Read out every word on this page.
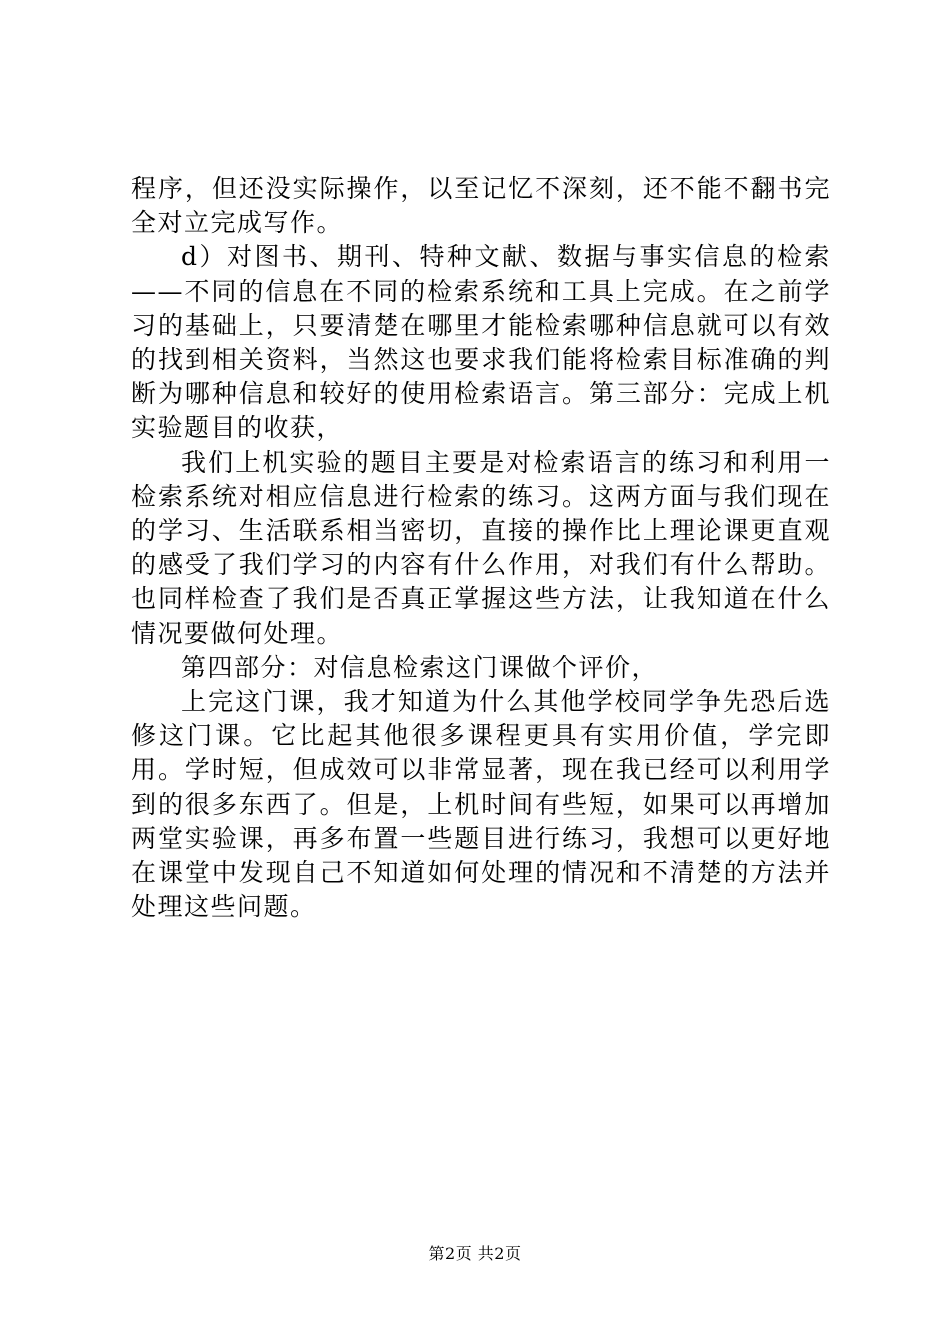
程序，但还没实际操作，以至记忆不深刻，还不能不翻书完全对立完成写作。

d）对图书、期刊、特种文献、数据与事实信息的检索——不同的信息在不同的检索系统和工具上完成。在之前学习的基础上，只要清楚在哪里才能检索哪种信息就可以有效的找到相关资料，当然这也要求我们能将检索目标准确的判断为哪种信息和较好的使用检索语言。第三部分：完成上机实验题目的收获，

我们上机实验的题目主要是对检索语言的练习和利用一检索系统对相应信息进行检索的练习。这两方面与我们现在的学习、生活联系相当密切，直接的操作比上理论课更直观的感受了我们学习的内容有什么作用，对我们有什么帮助。也同样检查了我们是否真正掌握这些方法，让我知道在什么情况要做何处理。

第四部分：对信息检索这门课做个评价，

上完这门课，我才知道为什么其他学校同学争先恐后选修这门课。它比起其他很多课程更具有实用价值，学完即用。学时短，但成效可以非常显著，现在我已经可以利用学到的很多东西了。但是，上机时间有些短，如果可以再增加两堂实验课，再多布置一些题目进行练习，我想可以更好地在课堂中发现自己不知道如何处理的情况和不清楚的方法并处理这些问题。

第2页 共2页
